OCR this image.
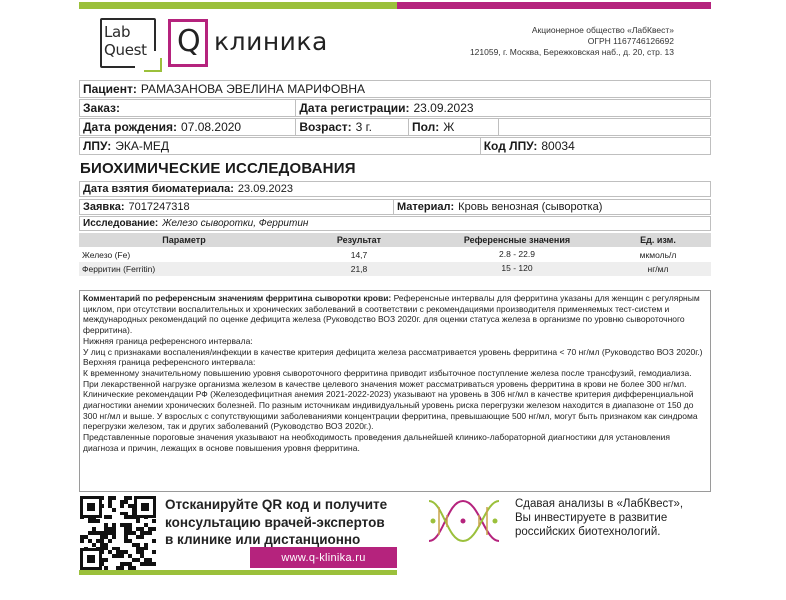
Lab
Quest Q клиника	Акционерное общество «ЛабКвест»
ОГРН 1167746126692
121059, г. Москва, Бережковская наб., д. 20, стр. 13
Пациент: РАМАЗАНОВА ЭВЕЛИНА МАРИФОВНА
Заказ:	Дата регистрации: 23.09.2023
Дата рождения: 07.08.2020	Возраст: 3 г.	Пол: Ж
ЛПУ: ЭКА-МЕД	Код ЛПУ: 80034
БИОХИМИЧЕСКИЕ ИССЛЕДОВАНИЯ
Дата взятия биоматериала: 23.09.2023
Заявка: 7017247318	Материал: Кровь венозная (сыворотка)
Исследование: Железо сыворотки, Ферритин
Параметр	Результат	Референсные значения	Ед. изм.
Железо (Fe)	14,7	2.8 - 22.9	мкмоль/л
Ферритин (Ferritin)	21,8	15 - 120	нг/мл

Комментарий по референсным значениям ферритина сыворотки крови: Референсные интервалы для ферритина указаны для женщин с регулярным циклом, при отсутствии воспалительных и хронических заболеваний в соответствии с рекомендациями производителя применяемых тест-систем и международных рекомендаций по оценке дефицита железа (Руководство ВОЗ 2020г. для оценки статуса железа в организме по уровню сывороточного ферритина).

Нижняя граница референсного интервала:

У лиц с признаками воспаления/инфекции в качестве критерия дефицита железа рассматривается уровень ферритина < 70 нг/мл (Руководство ВОЗ 2020г.)

Верхняя граница референсного интервала:

К временному значительному повышению уровня сывороточного ферритина приводит избыточное поступление железа после трансфузий, гемодиализа. При лекарственной нагрузке организма железом в качестве целевого значения может рассматриваться уровень ферритина в крови не более 300 нг/мл. Клинические рекомендации РФ (Железодефицитная анемия 2021-2022-2023) указывают на уровень в 306 нг/мл в качестве критерия дифференциальной диагностики анемии хронических болезней. По разным источникам индивидуальный уровень риска перегрузки железом находится в диапазоне от 150 до 300 нг/мл и выше. У взрослых с сопутствующими заболеваниями концентрации ферритина, превышающие 500 нг/мл, могут быть признаком как синдрома перегрузки железом, так и других заболеваний (Руководство ВОЗ 2020г.).

Представленные пороговые значения указывают на необходимость проведения дальнейшей клинико-лабораторной диагностики для установления диагноза и причин, лежащих в основе повышения уровня ферритина.

Отсканируйте QR код и получите
консультацию врачей-экспертов
в клинике или дистанционно
www.q-klinika.ru
Сдавая анализы в «ЛабКвест»,
Вы инвестируете в развитие
российских биотехнологий.
